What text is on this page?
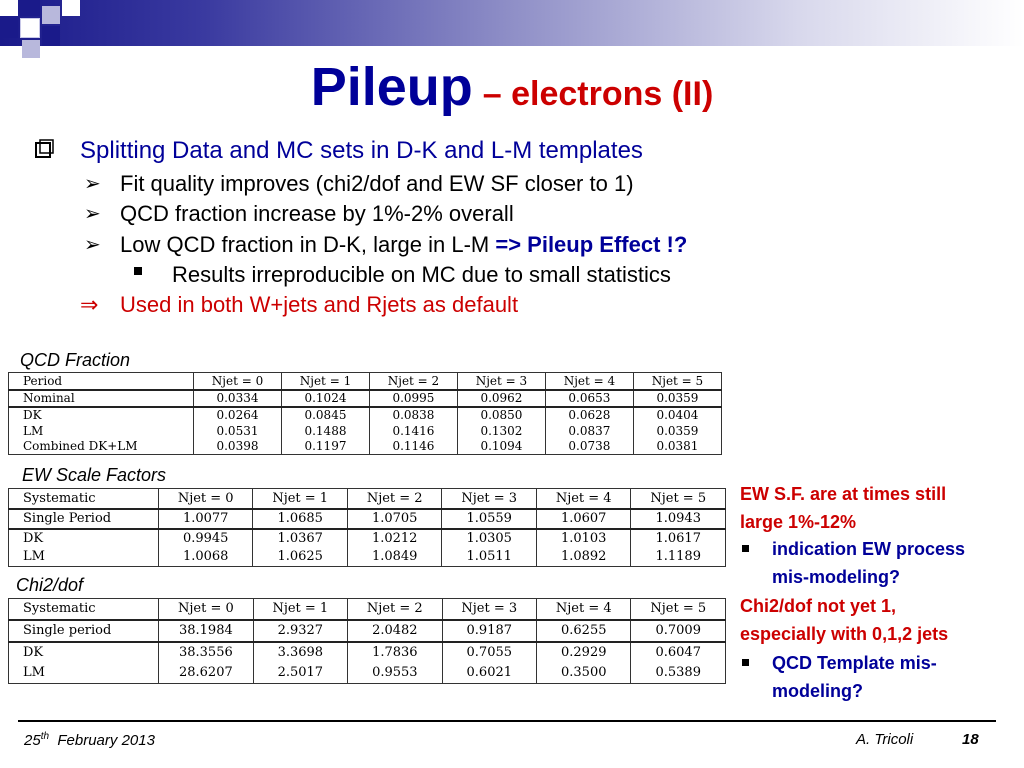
Pileup – electrons (II)
Splitting Data and MC sets in D-K and L-M templates
➢ Fit quality improves (chi2/dof and EW SF closer to 1)
➢ QCD fraction increase by 1%-2% overall
➢ Low QCD fraction in D-K, large in L-M => Pileup Effect !?
Results irreproducible on MC due to small statistics
⇒ Used in both W+jets and Rjets as default
QCD Fraction
Period	Njet = 0	Njet = 1	Njet = 2	Njet = 3	Njet = 4	Njet = 5
Nominal	0.0334	0.1024	0.0995	0.0962	0.0653	0.0359
DK	0.0264	0.0845	0.0838	0.0850	0.0628	0.0404
LM	0.0531	0.1488	0.1416	0.1302	0.0837	0.0359
Combined DK+LM	0.0398	0.1197	0.1146	0.1094	0.0738	0.0381
EW Scale Factors
Systematic	Njet = 0	Njet = 1	Njet = 2	Njet = 3	Njet = 4	Njet = 5
Single Period	1.0077	1.0685	1.0705	1.0559	1.0607	1.0943
DK	0.9945	1.0367	1.0212	1.0305	1.0103	1.0617
LM	1.0068	1.0625	1.0849	1.0511	1.0892	1.1189
Chi2/dof
Systematic	Njet = 0	Njet = 1	Njet = 2	Njet = 3	Njet = 4	Njet = 5
Single period	38.1984	2.9327	2.0482	0.9187	0.6255	0.7009
DK	38.3556	3.3698	1.7836	0.7055	0.2929	0.6047
LM	28.6207	2.5017	0.9553	0.6021	0.3500	0.5389
EW S.F. are at times still
large 1%-12%
indication EW process
mis-modeling?
Chi2/dof not yet 1,
especially with 0,1,2 jets
QCD Template mis-
modeling?
25th February 2013	A. Tricoli	18
